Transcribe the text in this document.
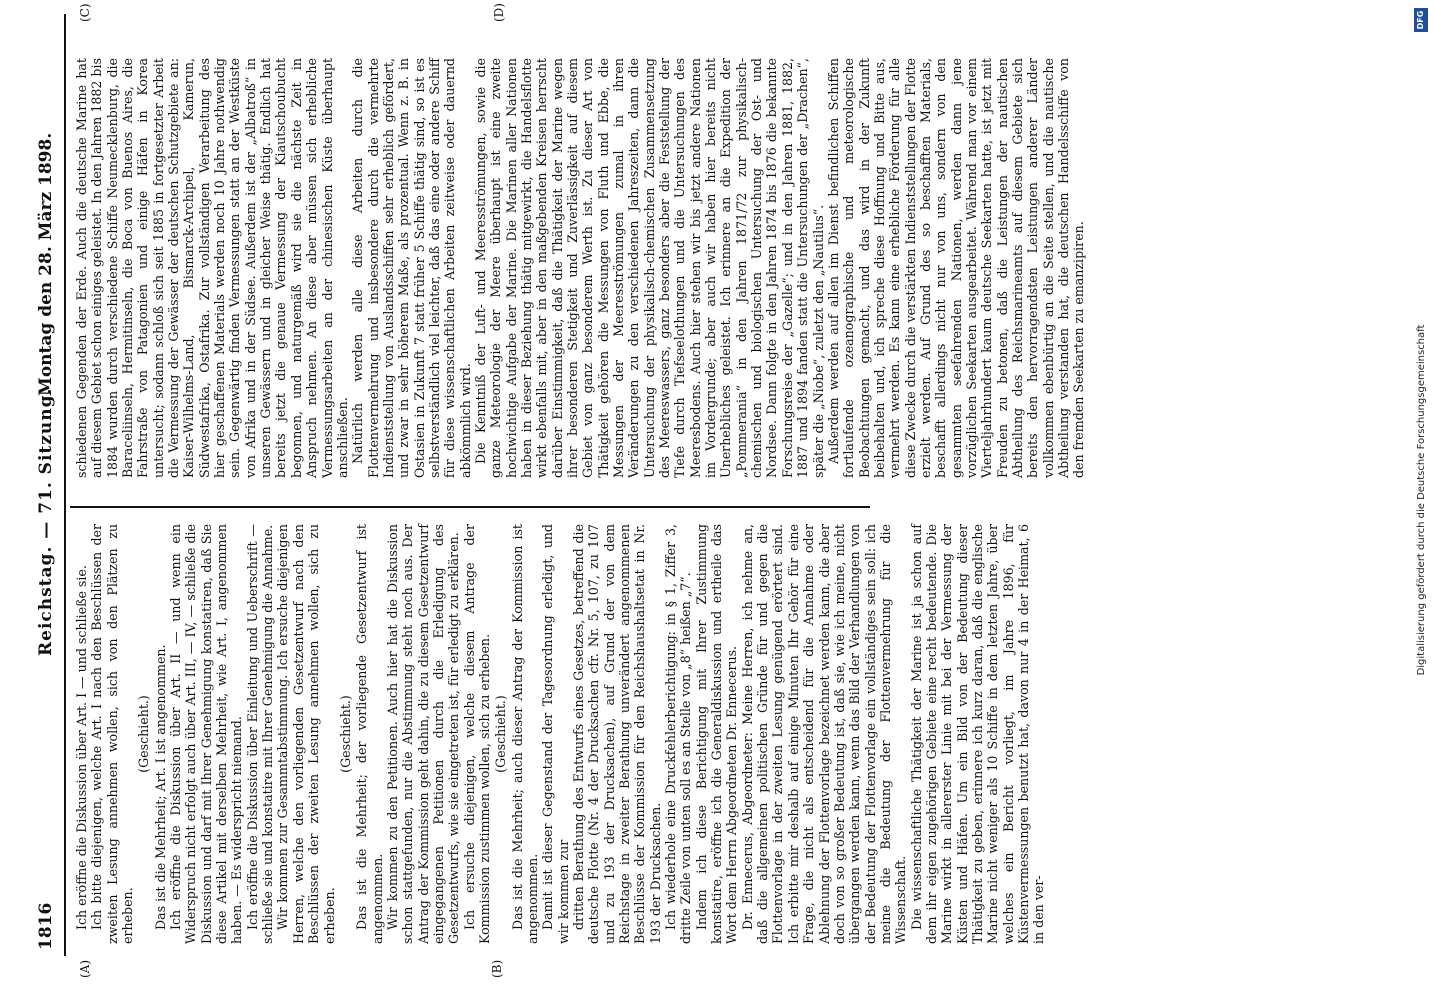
1816
Reichstag. — 71. Sitzung.
Montag den 28. März 1898.
(A)	(B)
(C)	(D)

Ich eröffne die Diskussion über Art. I — und schließe sie. Ich bitte diejenigen, welche Art. I nach den Beschlüssen der zweiten Lesung annehmen wollen, sich von den Plätzen zu erheben.

(Geschieht.) Das ist die Mehrheit; Art. I ist angenommen. Ich eröffne die Diskussion über Art. II — und wenn ein Widerspruch nicht erfolgt auch über Art. III, — IV, — schließe die Diskussion und darf mit Ihrer Genehmigung konstatiren, daß Sie diese Artikel mit derselben Mehrheit, wie Art. I, angenommen haben. — Es widerspricht niemand. Ich eröffne die Diskussion über Einleitung und Ueberschrift — schließe sie und konstatire mit Ihrer Genehmigung die Annahme. Wir kommen zur Gesammtabstimmung. Ich ersuche diejenigen Herren, welche den vorliegenden Gesetzentwurf nach den Beschlüssen der zweiten Lesung annehmen wollen, sich zu erheben.

(Geschieht.) Das ist die Mehrheit; der vorliegende Gesetzentwurf ist angenommen. Wir kommen zu den Petitionen. Auch hier hat die Diskussion schon stattgefunden, nur die Abstimmung steht noch aus. Der Antrag der Kommission geht dahin, die zu diesem Gesetzentwurf eingegangenen Petitionen durch die Erledigung des Gesetzentwurfs, wie sie eingetreten ist, für erledigt zu erklären. Ich ersuche diejenigen, welche diesem Antrage der Kommission zustimmen wollen, sich zu erheben. (Geschieht.) Das ist die Mehrheit; auch dieser Antrag der Kommission ist angenommen. Damit ist dieser Gegenstand der Tagesordnung erledigt, und wir kommen zur dritten Berathung des Entwurfs eines Gesetzes, betreffend die deutsche Flotte (Nr. 4 der Drucksachen cfr. Nr. 5, 107, zu 107 und zu 193 der Drucksachen), auf Grund der von dem Reichstage in zweiter Berathung unverändert angenommenen Beschlüsse der Kommission für den Reichshaushaltsetat in Nr. 193 der Drucksachen. Ich wiederhole eine Druckfehlerberichtigung: in § 1, Ziffer 3, dritte Zeile von unten soll es an Stelle von „8“ heißen „7“. Indem ich diese Berichtigung mit Ihrer Zustimmung konstatire, eröffne ich die Generaldiskussion und ertheile das Wort dem Herrn Abgeordneten Dr. Ennecerus. Dr. Ennecerus, Abgeordneter: Meine Herren, ich nehme an, daß die allgemeinen politischen Gründe für und gegen die Flottenvorlage in der zweiten Lesung genügend erörtert sind. Ich erbitte mir deshalb auf einige Minuten Ihr Gehör für eine Frage, die nicht als entscheidend für die Annahme oder Ablehnung der Flottenvorlage bezeichnet werden kann, die aber doch von so großer Bedeutung ist, daß sie, wie ich meine, nicht übergangen werden kann, wenn das Bild der Verhandlungen von der Bedeutung der Flottenvorlage ein vollständiges sein soll: ich meine die Bedeutung der Flottenvermehrung für die Wissenschaft. Die wissenschaftliche Thätigkeit der Marine ist ja schon auf dem ihr eigen zugehörigen Gebiete eine recht bedeutende. Die Marine wirkt in allererster Linie mit bei der Vermessung der Küsten und Häfen. Um ein Bild von der Bedeutung dieser Thätigkeit zu geben, erinnere ich kurz daran, daß die englische Marine nicht weniger als 10 Schiffe in dem letzten Jahre, über welches ein Bericht vorliegt, im Jahre 1896, für Küstenvermessungen benutzt hat, davon nur 4 in der Heimat, 6 in den ver-

schiedenen Gegenden der Erde. Auch die deutsche Marine hat auf diesem Gebiet schon einiges geleistet. In den Jahren 1882 bis 1884 wurden durch verschiedene Schiffe Neumecklenburg, die Baraceliinseln, Hermitinseln, die Boca von Buenos Aires, die Fahrstraße von Patagonien und einige Häfen in Korea untersucht; sodann schloß sich seit 1885 in fortgesetzter Arbeit die Vermessung der Gewässer der deutschen Schutzgebiete an: Kaiser-Wilhelms-Land, Bismarck-Archipel, Kamerun, Südwestafrika, Ostafrika. Zur vollständigen Verarbeitung des hier geschaffenen Materials werden noch 10 Jahre nothwendig sein. Gegenwärtig finden Vermessungen statt an der Westküste von Afrika und in der Südsee. Außerdem ist der „Albatroß“ in unseren Gewässern und in gleicher Weise thätig. Endlich hat bereits jetzt die genaue Vermessung der Kiautschoubucht begonnen, und naturgemäß wird sie die nächste Zeit in Anspruch nehmen. An diese aber müssen sich erhebliche Vermessungsarbeiten an der chinesischen Küste überhaupt anschließen. Natürlich werden alle diese Arbeiten durch die Flottenvermehrung und insbesondere durch die vermehrte Indienststellung von Auslandsschiffen sehr erheblich gefördert, und zwar in sehr höherem Maße, als prozentual. Wenn z. B. in Ostasien in Zukunft 7 statt früher 5 Schiffe thätig sind, so ist es selbstverständlich viel leichter, daß das eine oder andere Schiff für diese wissenschaftlichen Arbeiten zeitweise oder dauernd abkömmlich wird. Die Kenntniß der Luft- und Meeresströmungen, sowie die ganze Meteorologie der Meere überhaupt ist eine zweite hochwichtige Aufgabe der Marine. Die Marinen aller Nationen haben in dieser Beziehung thätig mitgewirkt, die Handelsflotte wirkt ebenfalls mit, aber in den maßgebenden Kreisen herrscht darüber Einstimmigkeit, daß die Thätigkeit der Marine wegen ihrer besonderen Stetigkeit und Zuverlässigkeit auf diesem Gebiet von ganz besonderem Werth ist. Zu dieser Art von Thätigkeit gehören die Messungen von Fluth und Ebbe, die Messungen der Meeresströmungen zumal in ihren Veränderungen zu den verschiedenen Jahreszeiten, dann die Untersuchung der physikalisch-chemischen Zusammensetzung des Meereswassers, ganz besonders aber die Feststellung der Tiefe durch Tiefseelothungen und die Untersuchungen des Meeresbodens. Auch hier stehen wir bis jetzt andere Nationen im Vordergrunde; aber auch wir haben hier bereits nicht Unerhebliches geleistet. Ich erinnere an die Expedition der „Pommerania“ in den Jahren 1871/72 zur physikalisch-chemischen und biologischen Untersuchung der Ost- und Nordsee. Dann folgte in den Jahren 1874 bis 1876 die bekannte Forschungsreise der „Gazelle“; und in den Jahren 1881, 1882, 1887 und 1894 fanden statt die Untersuchungen der „Drachen“, später die „Niobe“, zuletzt den „Nautilus“. Außerdem werden auf allen im Dienst befindlichen Schiffen fortlaufende ozeanographische und meteorologische Beobachtungen gemacht, und das wird in der Zukunft beibehalten und, ich spreche diese Hoffnung und Bitte aus, vermehrt werden. Es kann eine erhebliche Förderung für alle diese Zwecke durch die verstärkten Indienststellungen der Flotte erzielt werden. Auf Grund des so beschafften Materials, beschafft allerdings nicht nur von uns, sondern von den gesammten seefahrenden Nationen, werden dann jene vorzüglichen Seekarten ausgearbeitet. Während man vor einem Vierteljahrhundert kaum deutsche Seekarten hatte, ist jetzt mit Freuden zu betonen, daß die Leistungen der nautischen Abtheilung des Reichsmarineamts auf diesem Gebiete sich bereits den hervorragendsten Leistungen anderer Länder vollkommen ebenbürtig an die Seite stellen, und die nautische Abtheilung verstanden hat, die deutschen Handelsschiffe von den fremden Seekarten zu emanzipiren.	Digitalisierung gefördert durch die Deutsche Forschungsgemeinschaft
DFG
